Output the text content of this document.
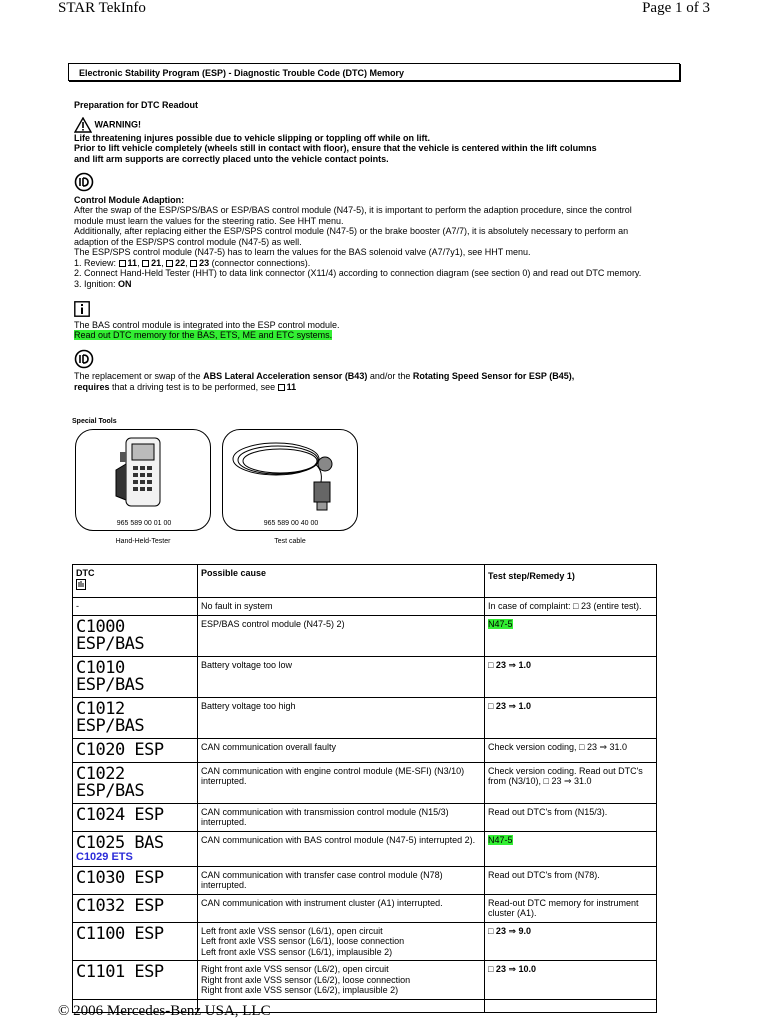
STAR TekInfo	Page 1 of 3
Electronic Stability Program (ESP) - Diagnostic Trouble Code (DTC) Memory
Preparation for DTC Readout
WARNING!
Life threatening injures possible due to vehicle slipping or toppling off while on lift.
Prior to lift vehicle completely (wheels still in contact with floor), ensure that the vehicle is centered within the lift columns
and lift arm supports are correctly placed unto the vehicle contact points.
Control Module Adaption:
After the swap of the ESP/SPS/BAS or ESP/BAS control module (N47-5), it is important to perform the adaption procedure, since the control module must learn the values for the steering ratio. See HHT menu.
Additionally, after replacing either the ESP/SPS control module (N47-5) or the brake booster (A7/7), it is absolutely necessary to perform an adaption of the ESP/SPS control module (N47-5) as well.
The ESP/SPS control module (N47-5) has to learn the values for the BAS solenoid valve (A7/7y1), see HHT menu.
1. Review: 11, 21, 22, 23 (connector connections).
2. Connect Hand-Held Tester (HHT) to data link connector (X11/4) according to connection diagram (see section 0) and read out DTC memory.
3. Ignition: ON
The BAS control module is integrated into the ESP control module.
Read out DTC memory for the BAS, ETS, ME and ETC systems.
The replacement or swap of the ABS Lateral Acceleration sensor (B43) and/or the Rotating Speed Sensor for ESP (B45),
requires that a driving test is to be performed, see 11
Special Tools
965 589 00 01 00
Hand-Held-Tester
965 589 00 40 00
Test cable
DTC	Possible cause	Test step/Remedy 1)
-	No fault in system	In case of complaint: □ 23 (entire test).

C1000 ESP/BAS	ESP/BAS control module (N47-5) 2)	N47-5

C1010 ESP/BAS	Battery voltage too low	□ 23 ⇒ 1.0

C1012 ESP/BAS	Battery voltage too high	□ 23 ⇒ 1.0

C1020 ESP	CAN communication overall faulty	Check version coding, □ 23 ⇒ 31.0

C1022 ESP/BAS	CAN communication with engine control module (ME-SFI) (N3/10) interrupted.	Check version coding. Read out DTC's from (N3/10), □ 23 ⇒ 31.0

C1024 ESP	CAN communication with transmission control module (N15/3) interrupted.	Read out DTC's from (N15/3).

C1025 BAS
C1029 ETS	CAN communication with BAS control module (N47-5) interrupted 2).	N47-5

C1030 ESP	CAN communication with transfer case control module (N78) interrupted.	Read out DTC's from (N78).

C1032 ESP	CAN communication with instrument cluster (A1) interrupted.	Read-out DTC memory for instrument cluster (A1).

C1100 ESP	Left front axle VSS sensor (L6/1), open circuit
Left front axle VSS sensor (L6/1), loose connection
Left front axle VSS sensor (L6/1), implausible 2)	□ 23 ⇒ 9.0

C1101 ESP	Right front axle VSS sensor (L6/2), open circuit
Right front axle VSS sensor (L6/2), loose connection
Right front axle VSS sensor (L6/2), implausible 2)	□ 23 ⇒ 10.0

© 2006 Mercedes-Benz USA, LLC
